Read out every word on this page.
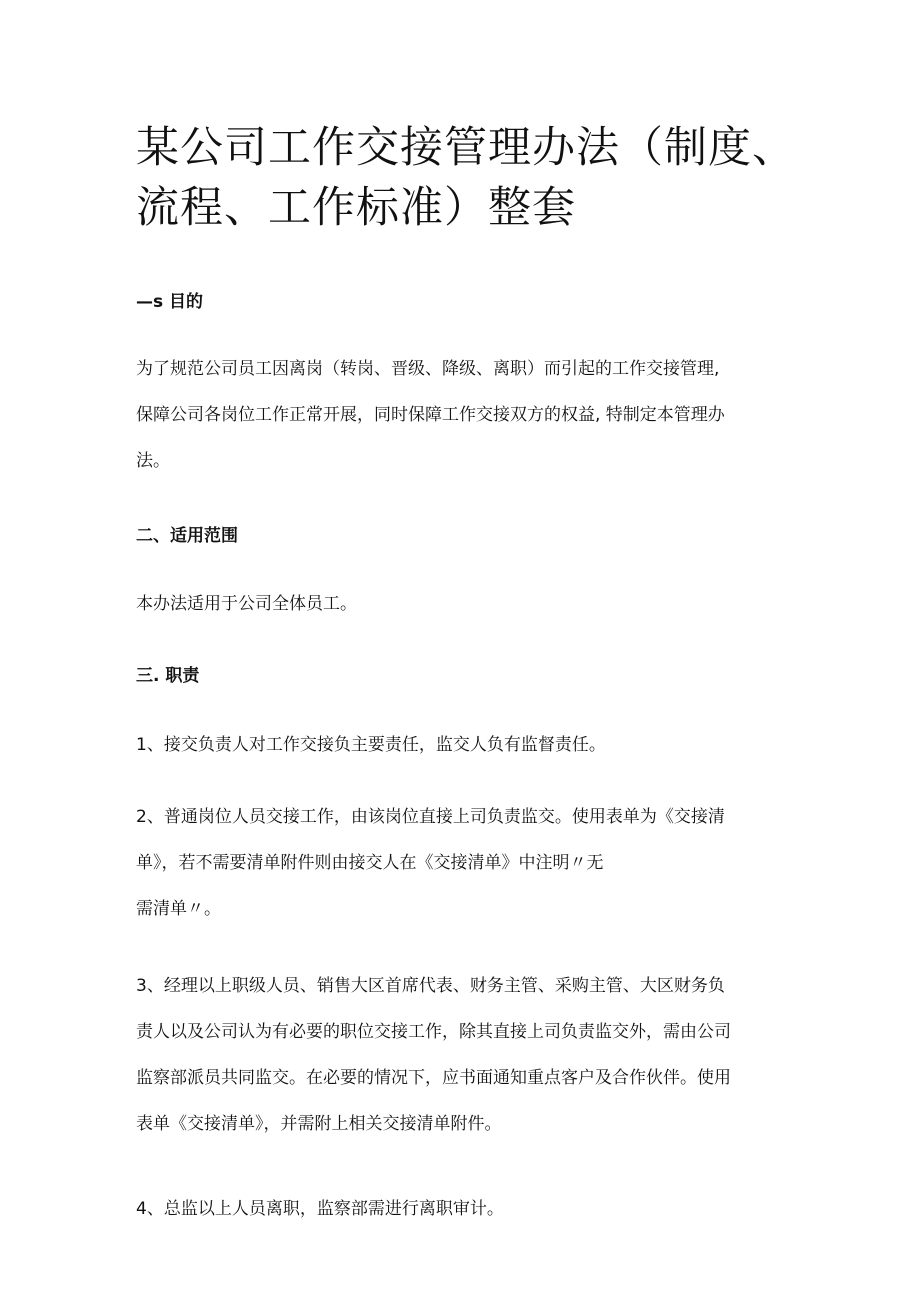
某公司工作交接管理办法（制度、
流程、工作标准）整套
—s 目的
为了规范公司员工因离岗（转岗、晋级、降级、离职）而引起的工作交接管理,
保障公司各岗位工作正常开展，同时保障工作交接双方的权益, 特制定本管理办
法。
二、适用范围
本办法适用于公司全体员工。
三. 职责
1、接交负责人对工作交接负主要责任，监交人负有监督责任。
2、普通岗位人员交接工作，由该岗位直接上司负责监交。使用表单为《交接清
单》，若不需要清单附件则由接交人在《交接清单》中注明〃无
需清单〃。
3、经理以上职级人员、销售大区首席代表、财务主管、采购主管、大区财务负
责人以及公司认为有必要的职位交接工作，除其直接上司负责监交外，需由公司
监察部派员共同监交。在必要的情况下，应书面通知重点客户及合作伙伴。使用
表单《交接清单》，并需附上相关交接清单附件。
4、总监以上人员离职，监察部需进行离职审计。
